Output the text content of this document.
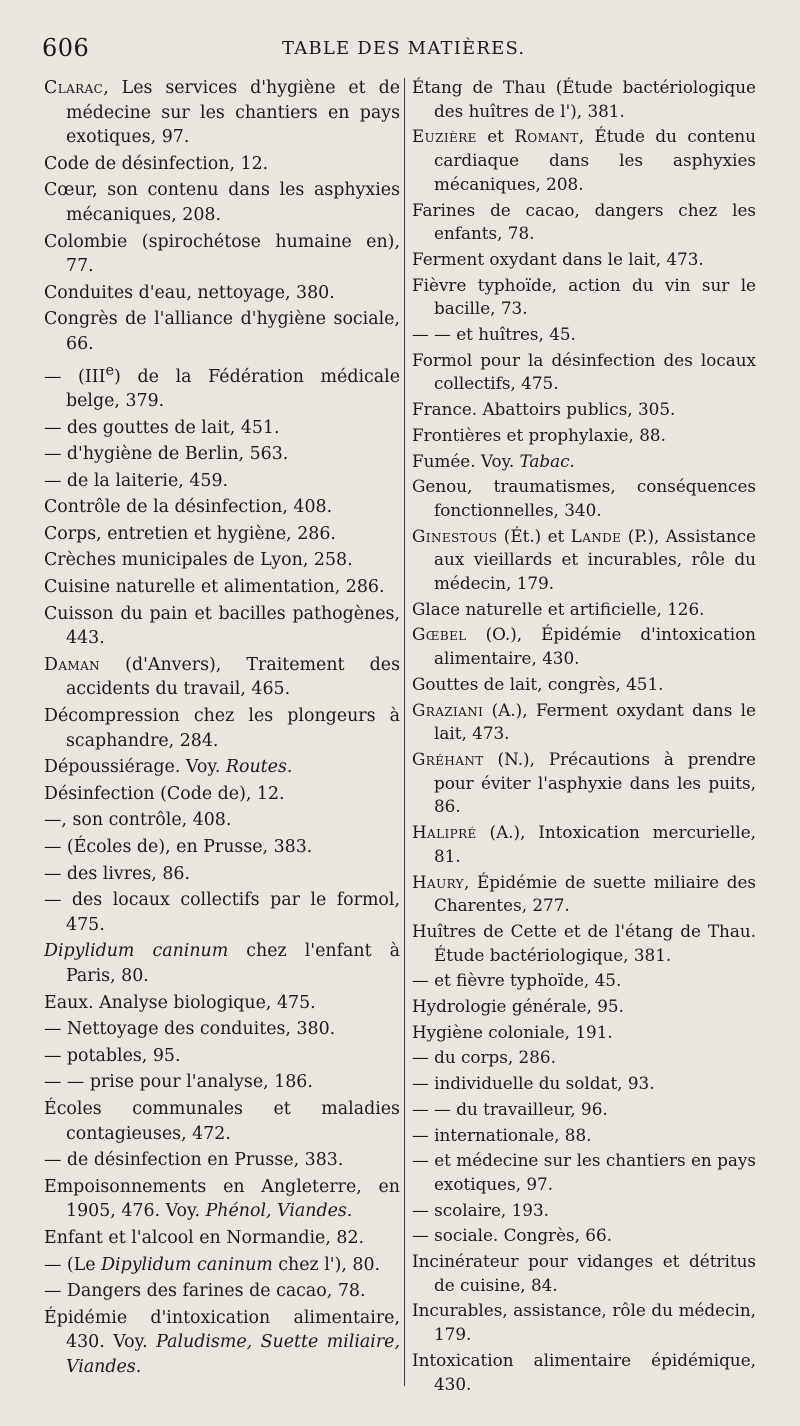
606	TABLE DES MATIÈRES.

Clarac, Les services d'hygiène et de médecine sur les chantiers en pays exotiques, 97.

Code de désinfection, 12.

Cœur, son contenu dans les asphyxies mécaniques, 208.

Colombie (spirochétose humaine en), 77.

Conduites d'eau, nettoyage, 380.

Congrès de l'alliance d'hygiène sociale, 66.

— (IIIe) de la Fédération médicale belge, 379.

— des gouttes de lait, 451.

— d'hygiène de Berlin, 563.

— de la laiterie, 459.

Contrôle de la désinfection, 408.

Corps, entretien et hygiène, 286.

Crèches municipales de Lyon, 258.

Cuisine naturelle et alimentation, 286.

Cuisson du pain et bacilles pathogènes, 443.

Daman (d'Anvers), Traitement des accidents du travail, 465.

Décompression chez les plongeurs à scaphandre, 284.

Dépoussiérage. Voy. Routes.

Désinfection (Code de), 12.

—, son contrôle, 408.

— (Écoles de), en Prusse, 383.

— des livres, 86.

— des locaux collectifs par le formol, 475.

Dipylidum caninum chez l'enfant à Paris, 80.

Eaux. Analyse biologique, 475.

— Nettoyage des conduites, 380.

— potables, 95.

— — prise pour l'analyse, 186.

Écoles communales et maladies contagieuses, 472.

— de désinfection en Prusse, 383.

Empoisonnements en Angleterre, en 1905, 476. Voy. Phénol, Viandes.

Enfant et l'alcool en Normandie, 82.

— (Le Dipylidum caninum chez l'), 80.

— Dangers des farines de cacao, 78.

Épidémie d'intoxication alimentaire, 430. Voy. Paludisme, Suette miliaire, Viandes.

Étang de Thau (Étude bactériologique des huîtres de l'), 381.

Euzière et Romant, Étude du contenu cardiaque dans les asphyxies mécaniques, 208.

Farines de cacao, dangers chez les enfants, 78.

Ferment oxydant dans le lait, 473.

Fièvre typhoïde, action du vin sur le bacille, 73.

— — et huîtres, 45.

Formol pour la désinfection des locaux collectifs, 475.

France. Abattoirs publics, 305.

Frontières et prophylaxie, 88.

Fumée. Voy. Tabac.

Genou, traumatismes, conséquences fonctionnelles, 340.

Ginestous (Ét.) et Lande (P.), Assistance aux vieillards et incurables, rôle du médecin, 179.

Glace naturelle et artificielle, 126.

Gœbel (O.), Épidémie d'intoxication alimentaire, 430.

Gouttes de lait, congrès, 451.

Graziani (A.), Ferment oxydant dans le lait, 473.

Gréhant (N.), Précautions à prendre pour éviter l'asphyxie dans les puits, 86.

Halipré (A.), Intoxication mercurielle, 81.

Haury, Épidémie de suette miliaire des Charentes, 277.

Huîtres de Cette et de l'étang de Thau. Étude bactériologique, 381.

— et fièvre typhoïde, 45.

Hydrologie générale, 95.

Hygiène coloniale, 191.

— du corps, 286.

— individuelle du soldat, 93.

— — du travailleur, 96.

— internationale, 88.

— et médecine sur les chantiers en pays exotiques, 97.

— scolaire, 193.

— sociale. Congrès, 66.

Incinérateur pour vidanges et détritus de cuisine, 84.

Incurables, assistance, rôle du médecin, 179.

Intoxication alimentaire épidémique, 430.
